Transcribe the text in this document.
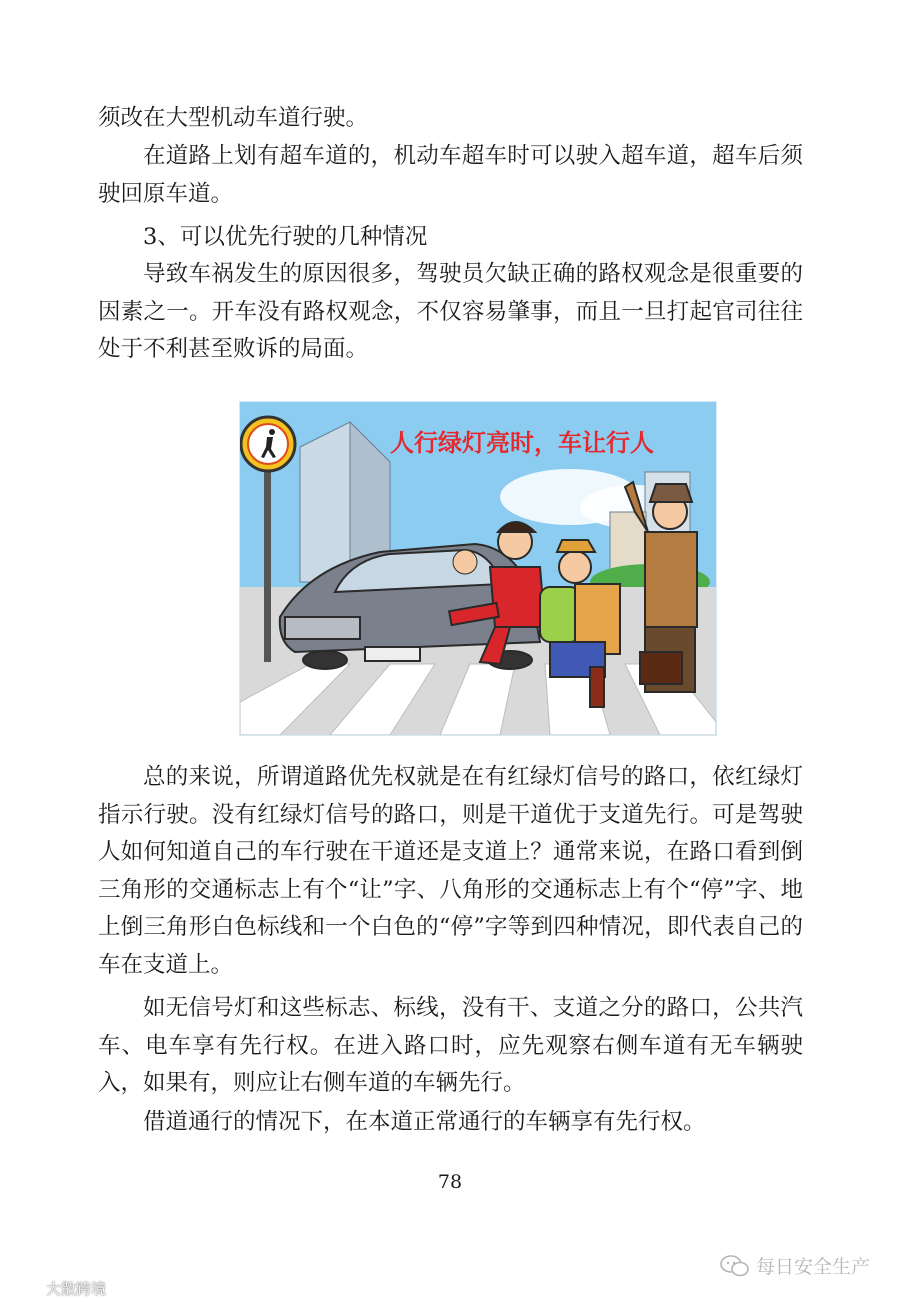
须改在大型机动车道行驶。

在道路上划有超车道的，机动车超车时可以驶入超车道，超车后须驶回原车道。

3、可以优先行驶的几种情况

导致车祸发生的原因很多，驾驶员欠缺正确的路权观念是很重要的因素之一。开车没有路权观念，不仅容易肇事，而且一旦打起官司往往处于不利甚至败诉的局面。

人行绿灯亮时，车让行人

总的来说，所谓道路优先权就是在有红绿灯信号的路口，依红绿灯指示行驶。没有红绿灯信号的路口，则是干道优于支道先行。可是驾驶人如何知道自己的车行驶在干道还是支道上？通常来说，在路口看到倒三角形的交通标志上有个“让”字、八角形的交通标志上有个“停”字、地上倒三角形白色标线和一个白色的“停”字等到四种情况，即代表自己的车在支道上。

如无信号灯和这些标志、标线，没有干、支道之分的路口，公共汽车、电车享有先行权。在进入路口时，应先观察右侧车道有无车辆驶入，如果有，则应让右侧车道的车辆先行。

借道通行的情况下，在本道正常通行的车辆享有先行权。

78
每日安全生产
大散跨境
